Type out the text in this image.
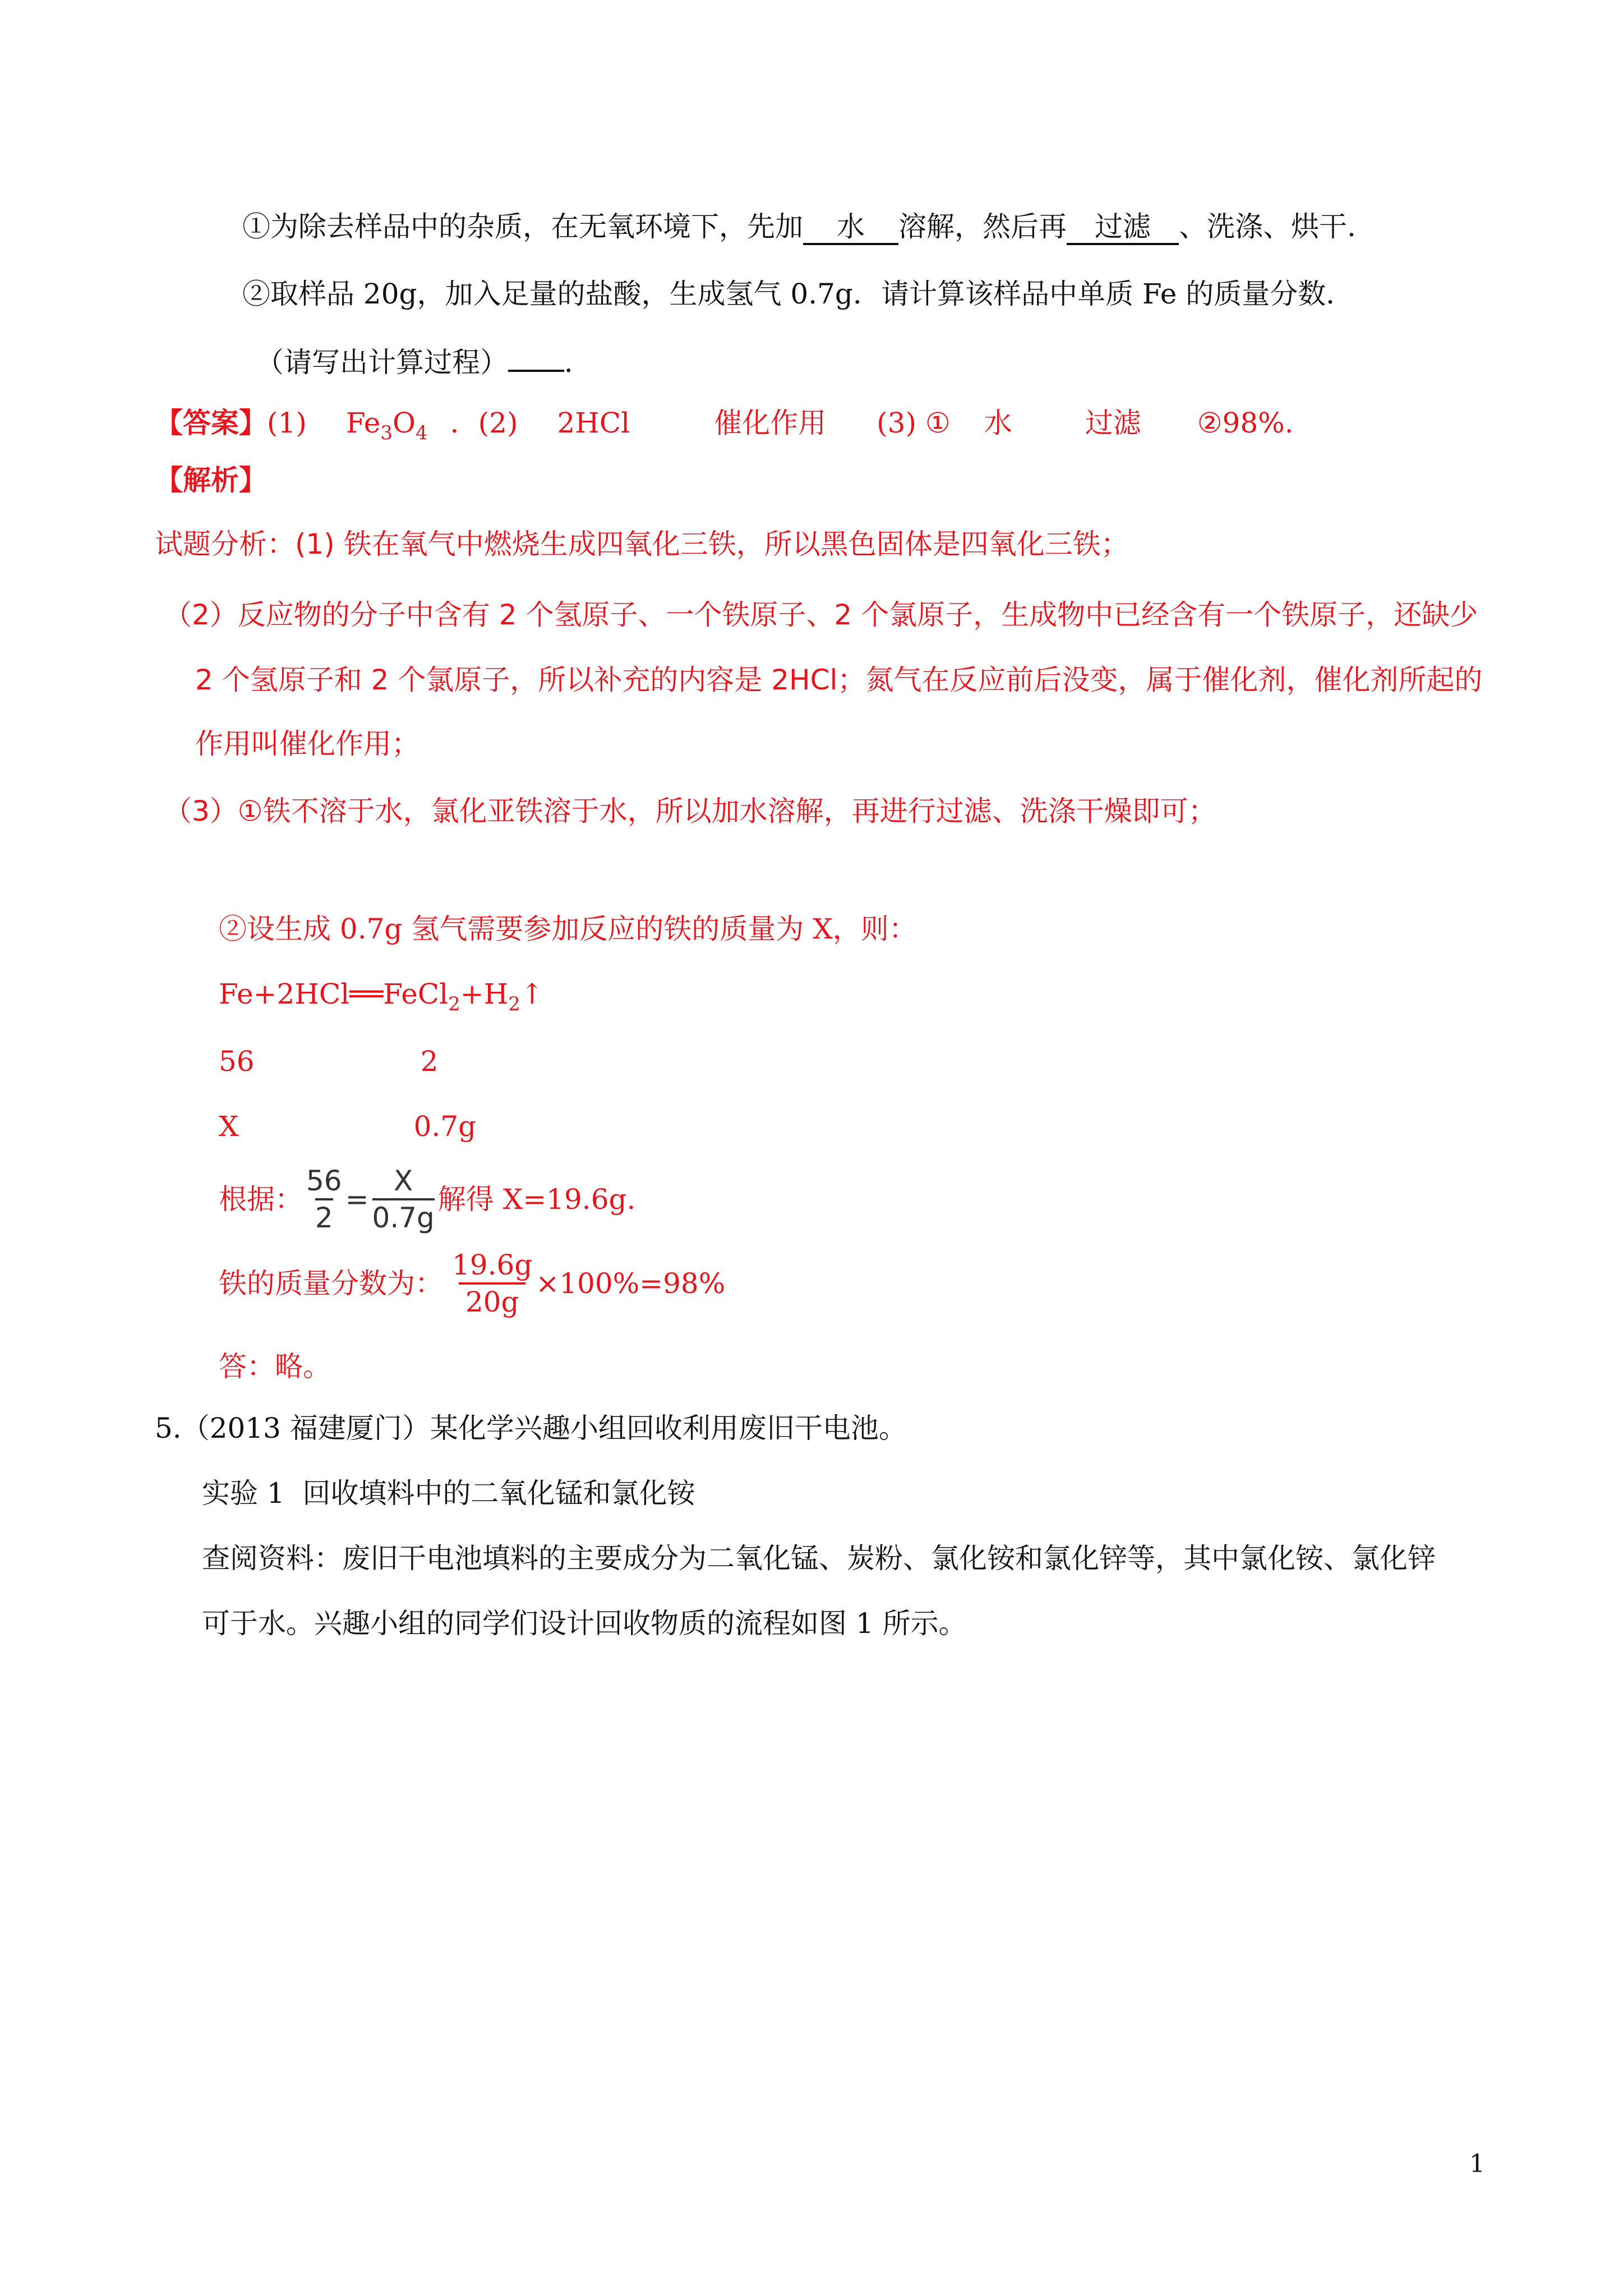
①为除去样品中的杂质，在无氧环境下，先加 水 溶解，然后再 过滤 、洗涤、烘干.
②取样品 20g，加入足量的盐酸，生成氢气 0.7g．请计算该样品中单质 Fe 的质量分数．
（请写出计算过程） ．
【答案】(1) $Fe_3O_4$ ．(2) 2HCl	催化作用 (3) ① 水	过滤 ②98%.
【解析】
试题分析：(1) 铁在氧气中燃烧生成四氧化三铁，所以黑色固体是四氧化三铁；
（2）反应物的分子中含有 2 个氢原子、一个铁原子、2 个氯原子，生成物中已经含有一个铁原子，还缺少
2 个氢原子和 2 个氯原子，所以补充的内容是 2HCl；氮气在反应前后没变，属于催化剂，催化剂所起的
作用叫催化作用；
（3）①铁不溶于水，氯化亚铁溶于水，所以加水溶解，再进行过滤、洗涤干燥即可；
②设生成 0.7g 氢气需要参加反应的铁的质量为 X，则：
$Fe+2HCl══FeCl_2+H_2↑$
56	2
X	0.7g
根据： $\frac{56}{2} = \frac{X}{0.7g}$ 解得 X=19.6g.
铁的质量分数为： $\frac{19.6g}{20g} \times 100\%=98\%$
答：略。
5.（2013 福建厦门）某化学兴趣小组回收利用废旧干电池。
实验 1  回收填料中的二氧化锰和氯化铵
查阅资料：废旧干电池填料的主要成分为二氧化锰、炭粉、氯化铵和氯化锌等，其中氯化铵、氯化锌
可于水。兴趣小组的同学们设计回收物质的流程如图 1 所示。
1
